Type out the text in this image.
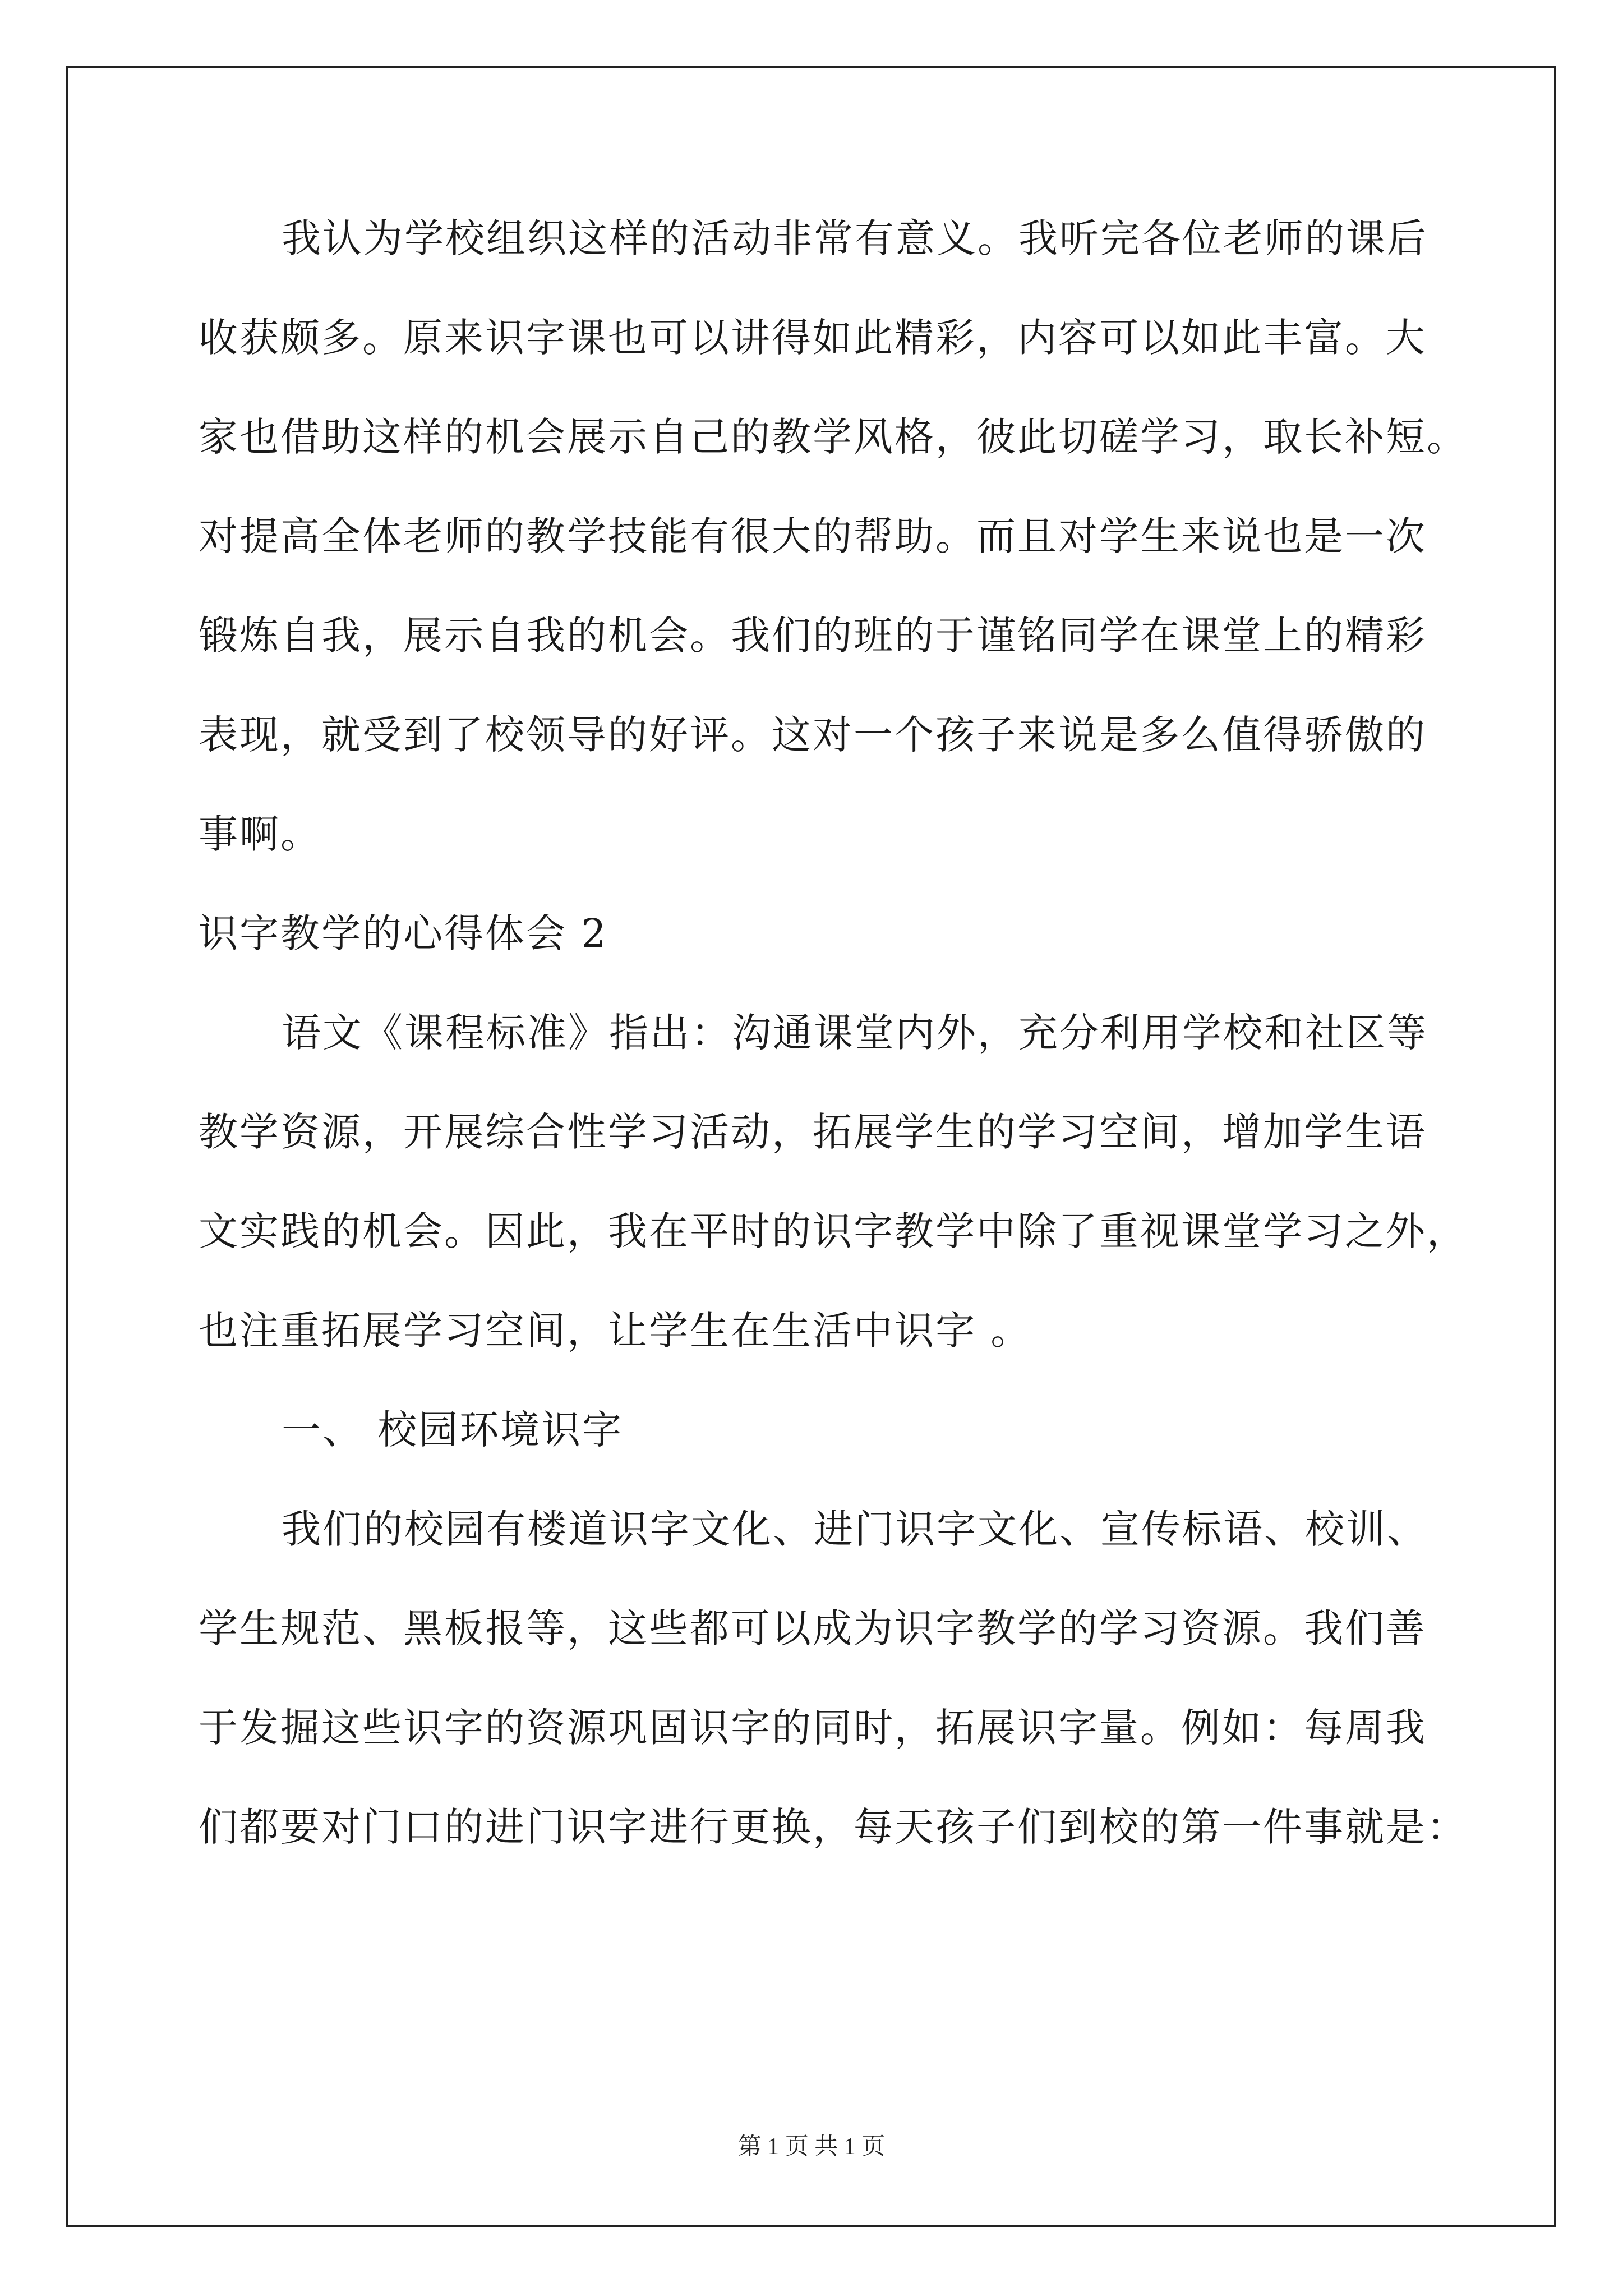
我认为学校组织这样的活动非常有意义。我听完各位老师的课后
收获颇多。原来识字课也可以讲得如此精彩，内容可以如此丰富。大
家也借助这样的机会展示自己的教学风格，彼此切磋学习，取长补短。
对提高全体老师的教学技能有很大的帮助。而且对学生来说也是一次
锻炼自我，展示自我的机会。我们的班的于谨铭同学在课堂上的精彩
表现，就受到了校领导的好评。这对一个孩子来说是多么值得骄傲的
事啊。
识字教学的心得体会 2
语文《课程标准》指出：沟通课堂内外，充分利用学校和社区等
教学资源，开展综合性学习活动，拓展学生的学习空间，增加学生语
文实践的机会。因此，我在平时的识字教学中除了重视课堂学习之外，
也注重拓展学习空间，让学生在生活中识字 。
一、 校园环境识字
我们的校园有楼道识字文化、进门识字文化、宣传标语、校训、
学生规范、黑板报等，这些都可以成为识字教学的学习资源。我们善
于发掘这些识字的资源巩固识字的同时，拓展识字量。例如：每周我
们都要对门口的进门识字进行更换，每天孩子们到校的第一件事就是：
第 1 页 共 1 页
